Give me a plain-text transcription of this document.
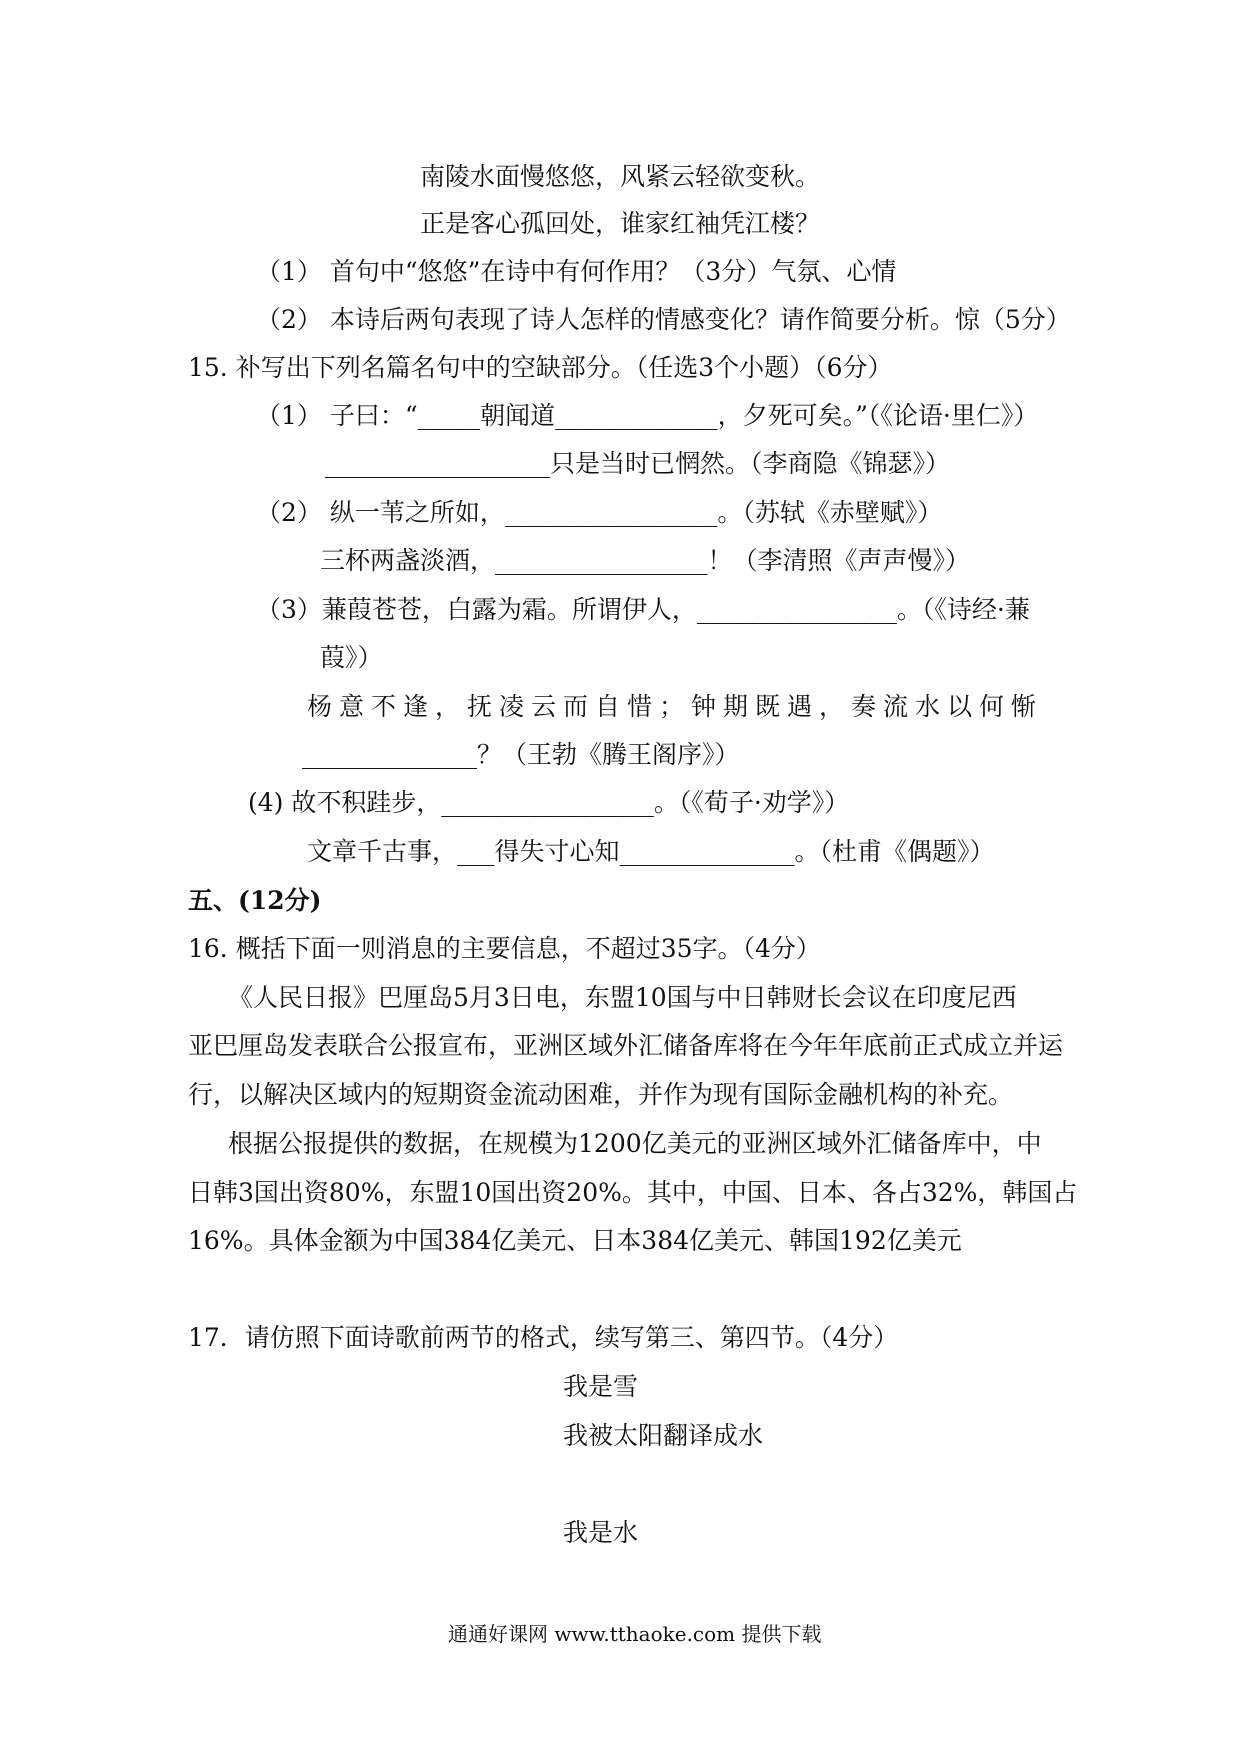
南陵水面慢悠悠，风紧云轻欲变秋。
正是客心孤回处，谁家红袖凭江楼？
（1） 首句中“悠悠”在诗中有何作用？（3分）气氛、心情
（2） 本诗后两句表现了诗人怎样的情感变化？请作简要分析。惊（5分）
15. 补写出下列名篇名句中的空缺部分。（任选3个小题）（6分）
（1） 子曰：“_____朝闻道_____________，夕死可矣。”（《论语·里仁》）
__________________只是当时已惘然。（李商隐《锦瑟》）
（2） 纵一苇之所如，_________________。（苏轼《赤壁赋》）
三杯两盏淡酒，_________________！（李清照《声声慢》）
（3）蒹葭苍苍，白露为霜。所谓伊人，________________。（《诗经·蒹
葭》）
杨意不逢，抚凌云而自惜；钟期既遇，奏流水以何惭
______________？（王勃《腾王阁序》）
(4) 故不积跬步，_________________。（《荀子·劝学》）
文章千古事，___得失寸心知______________。（杜甫《偶题》）
五、(12分)
16. 概括下面一则消息的主要信息，不超过35字。（4分）
《人民日报》巴厘岛5月3日电，东盟10国与中日韩财长会议在印度尼西
亚巴厘岛发表联合公报宣布，亚洲区域外汇储备库将在今年年底前正式成立并运
行，以解决区域内的短期资金流动困难，并作为现有国际金融机构的补充。
根据公报提供的数据，在规模为1200亿美元的亚洲区域外汇储备库中，中
日韩3国出资80%，东盟10国出资20%。其中，中国、日本、各占32%，韩国占
16%。具体金额为中国384亿美元、日本384亿美元、韩国192亿美元
17．请仿照下面诗歌前两节的格式，续写第三、第四节。（4分）
我是雪
我被太阳翻译成水
我是水
通通好课网 www.tthaoke.com 提供下载
